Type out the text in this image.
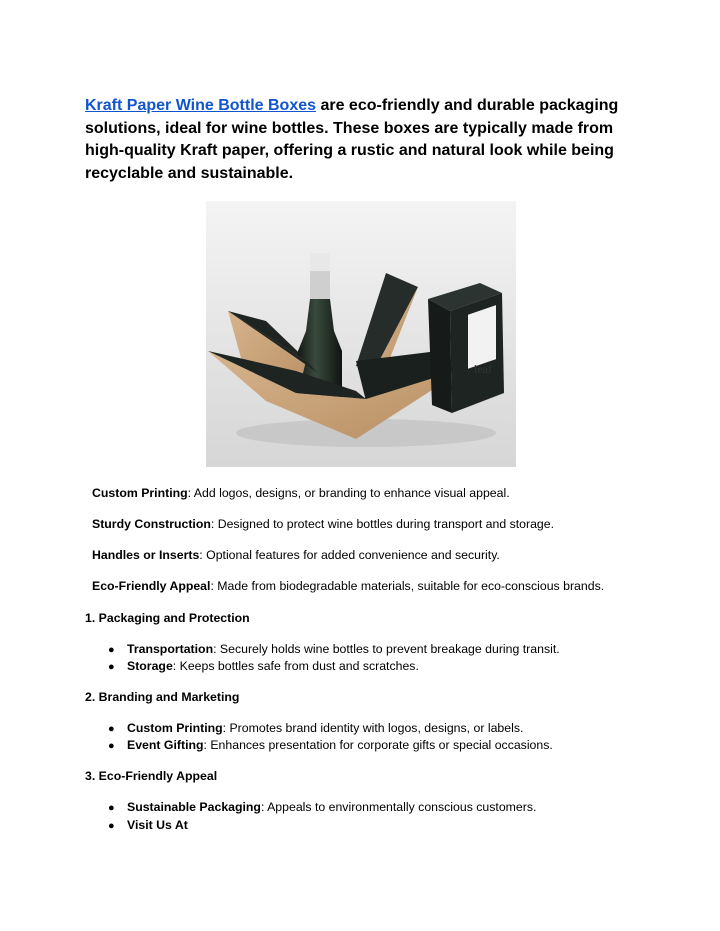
Kraft Paper Wine Bottle Boxes are eco-friendly and durable packaging solutions, ideal for wine bottles. These boxes are typically made from high-quality Kraft paper, offering a rustic and natural look while being recyclable and sustainable.

leaf

Custom Printing: Add logos, designs, or branding to enhance visual appeal.

Sturdy Construction: Designed to protect wine bottles during transport and storage.

Handles or Inserts: Optional features for added convenience and security.

Eco-Friendly Appeal: Made from biodegradable materials, suitable for eco-conscious brands.

1. Packaging and Protection

● Transportation: Securely holds wine bottles to prevent breakage during transit.

● Storage: Keeps bottles safe from dust and scratches.

2. Branding and Marketing

● Custom Printing: Promotes brand identity with logos, designs, or labels.

● Event Gifting: Enhances presentation for corporate gifts or special occasions.

3. Eco-Friendly Appeal

● Sustainable Packaging: Appeals to environmentally conscious customers.

● Visit Us At
